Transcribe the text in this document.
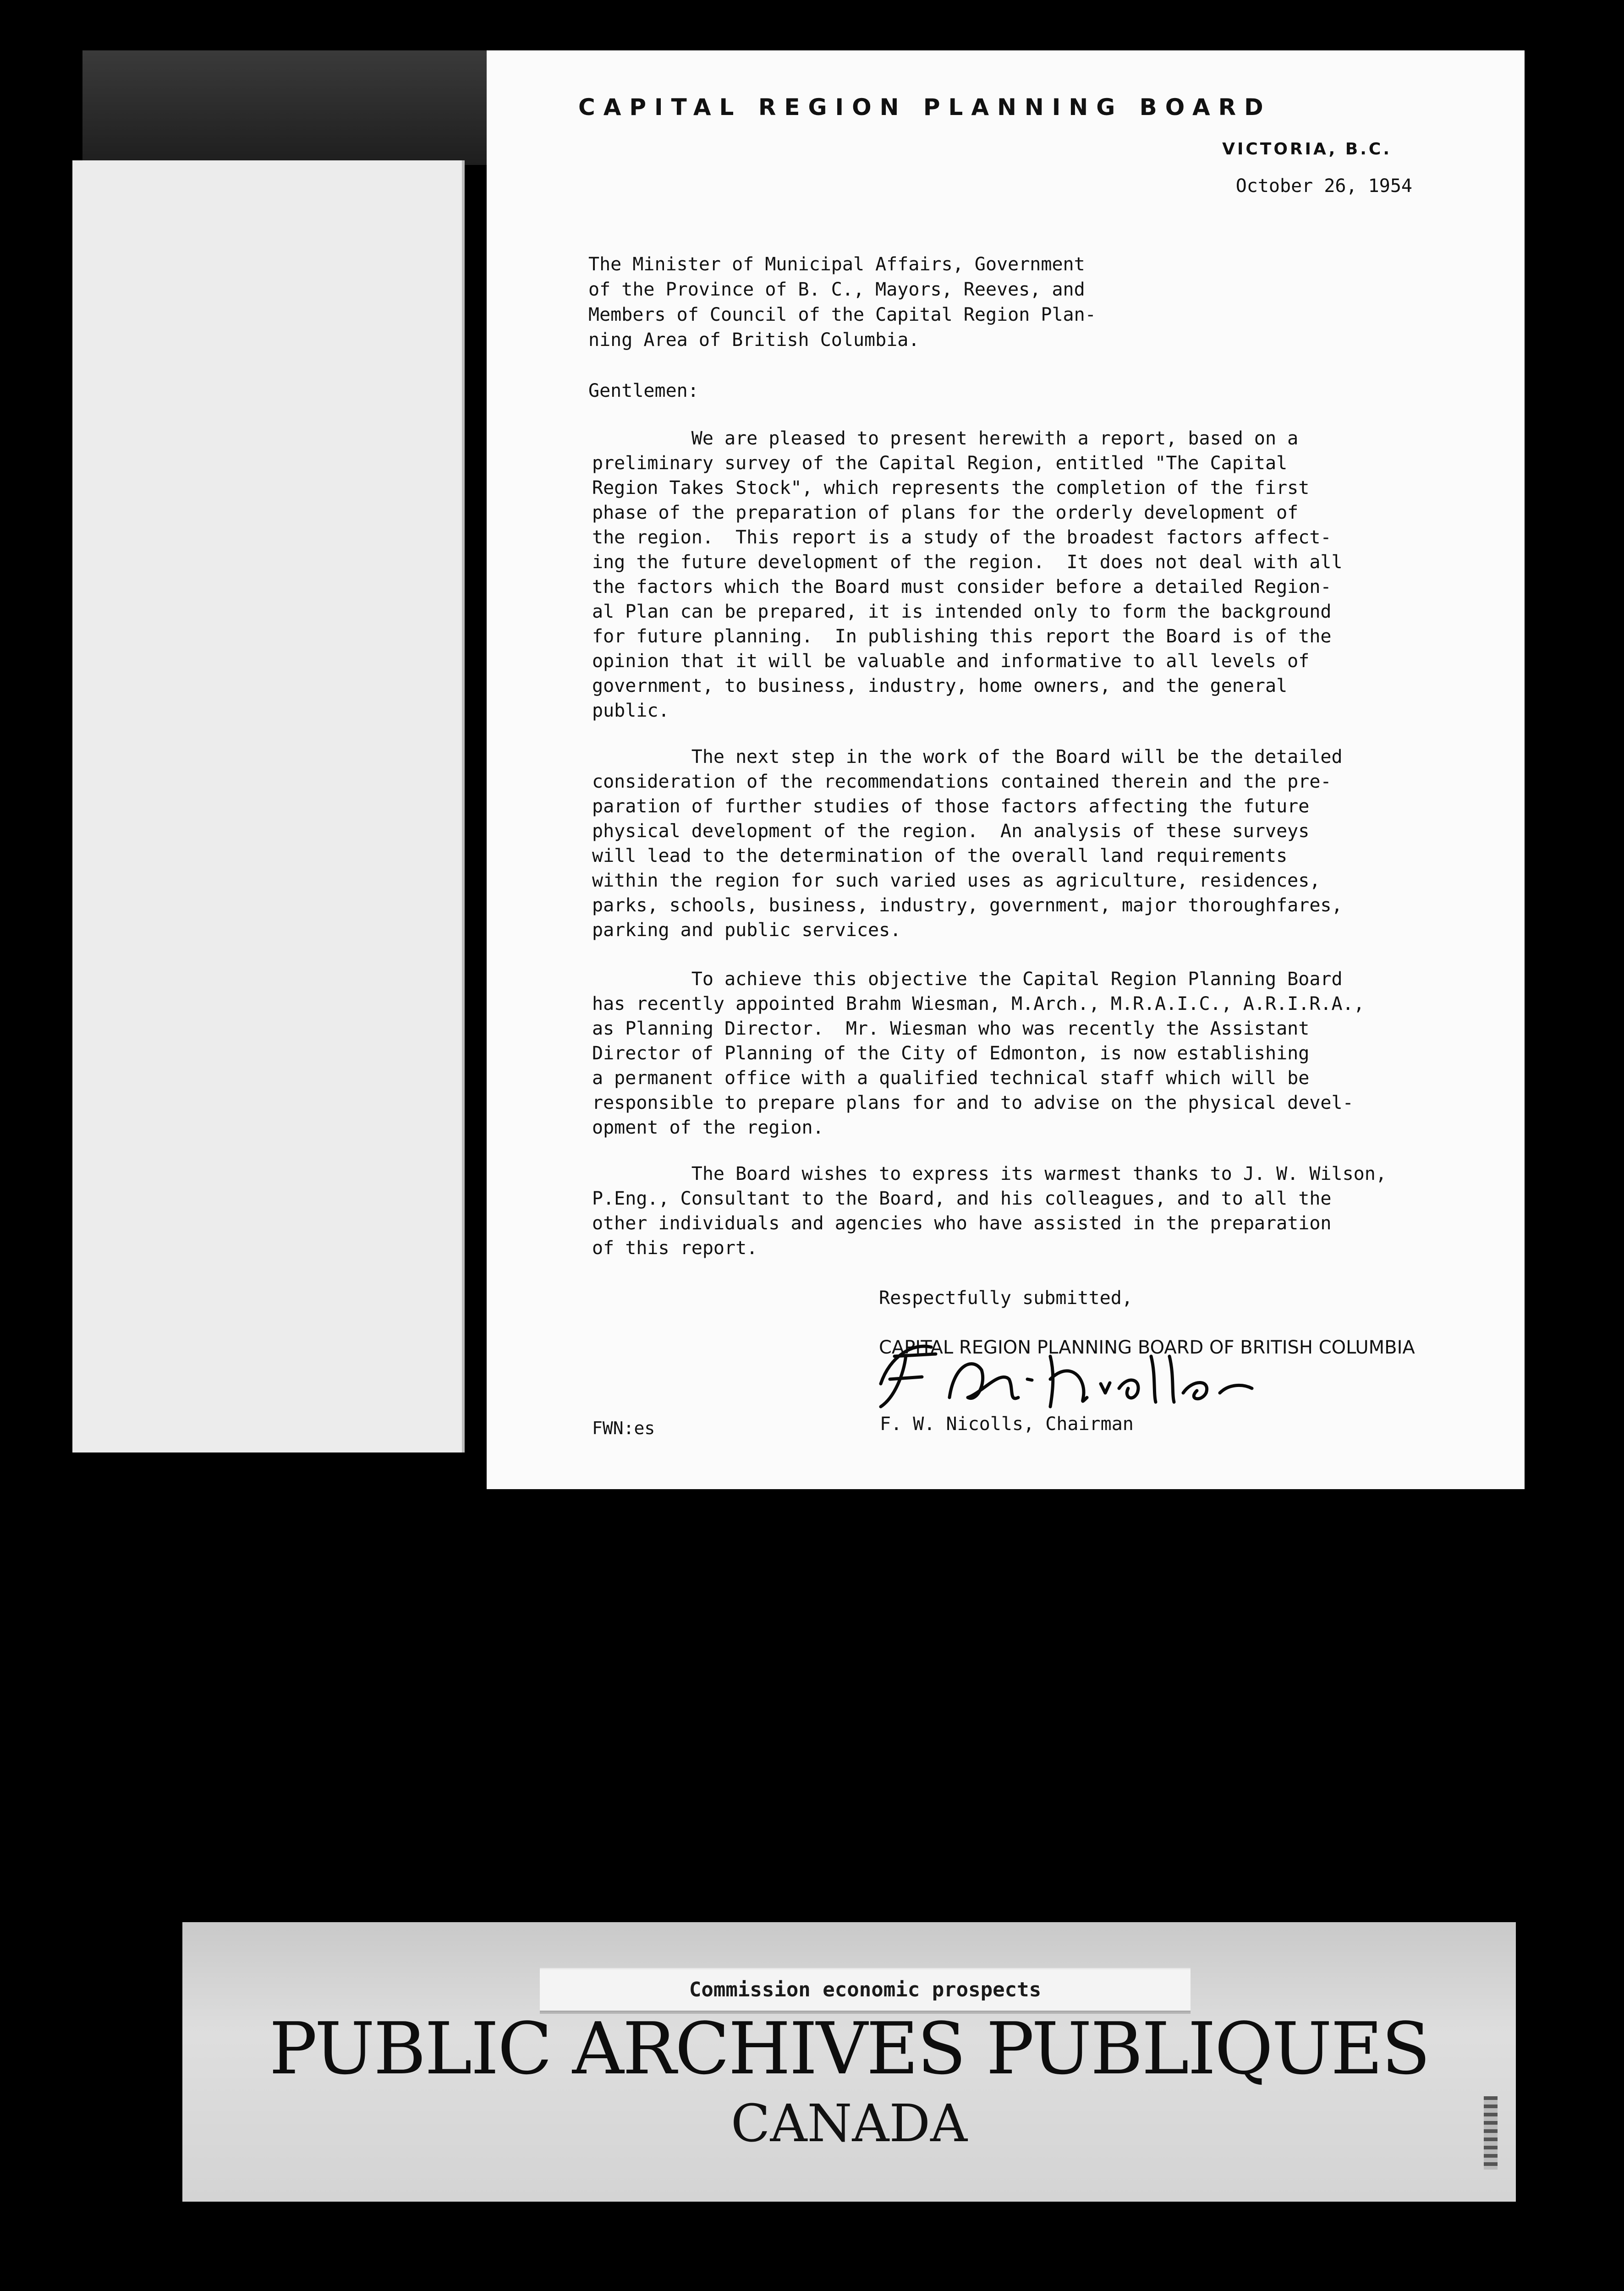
CAPITAL REGION PLANNING BOARD
VICTORIA, B.C.
October 26, 1954
The Minister of Municipal Affairs, Government
of the Province of B. C., Mayors, Reeves, and
Members of Council of the Capital Region Plan-
ning Area of British Columbia.
Gentlemen:
We are pleased to present herewith a report, based on a
preliminary survey of the Capital Region, entitled "The Capital
Region Takes Stock", which represents the completion of the first
phase of the preparation of plans for the orderly development of
the region.  This report is a study of the broadest factors affect-
ing the future development of the region.  It does not deal with all
the factors which the Board must consider before a detailed Region-
al Plan can be prepared, it is intended only to form the background
for future planning.  In publishing this report the Board is of the
opinion that it will be valuable and informative to all levels of
government, to business, industry, home owners, and the general
public.
The next step in the work of the Board will be the detailed
consideration of the recommendations contained therein and the pre-
paration of further studies of those factors affecting the future
physical development of the region.  An analysis of these surveys
will lead to the determination of the overall land requirements
within the region for such varied uses as agriculture, residences,
parks, schools, business, industry, government, major thoroughfares,
parking and public services.
To achieve this objective the Capital Region Planning Board
has recently appointed Brahm Wiesman, M.Arch., M.R.A.I.C., A.R.I.R.A.,
as Planning Director.  Mr. Wiesman who was recently the Assistant
Director of Planning of the City of Edmonton, is now establishing
a permanent office with a qualified technical staff which will be
responsible to prepare plans for and to advise on the physical devel-
opment of the region.
The Board wishes to express its warmest thanks to J. W. Wilson,
P.Eng., Consultant to the Board, and his colleagues, and to all the
other individuals and agencies who have assisted in the preparation
of this report.
Respectfully submitted,
CAPITAL REGION PLANNING BOARD OF BRITISH COLUMBIA
FWN:es	F. W. Nicolls, Chairman
Commission economic prospects
PUBLIC ARCHIVES PUBLIQUES
CANADA
